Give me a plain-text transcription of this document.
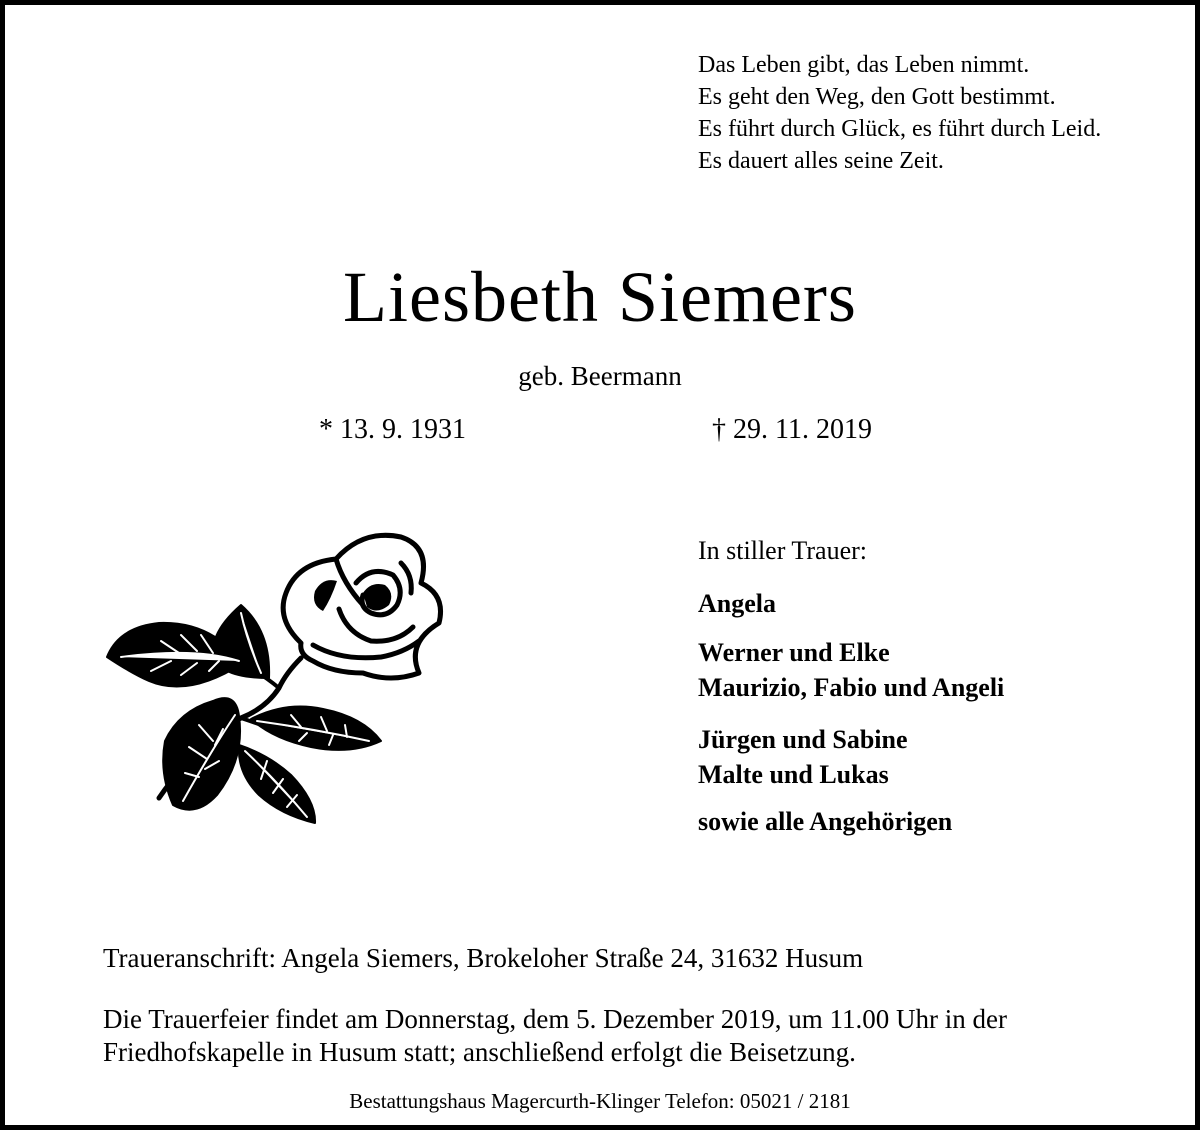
Das Leben gibt, das Leben nimmt.
Es geht den Weg, den Gott bestimmt.
Es führt durch Glück, es führt durch Leid.
Es dauert alles seine Zeit.
Liesbeth Siemers
geb. Beermann
* 13. 9. 1931	† 29. 11. 2019
In stiller Trauer:
Angela
Werner und Elke
Maurizio, Fabio und Angeli
Jürgen und Sabine
Malte und Lukas
sowie alle Angehörigen
Traueranschrift: Angela Siemers, Brokeloher Straße 24, 31632 Husum
Die Trauerfeier findet am Donnerstag, dem 5. Dezember 2019, um 11.00 Uhr in der
Friedhofskapelle in Husum statt; anschließend erfolgt die Beisetzung.
Bestattungshaus Magercurth-Klinger Telefon: 05021 / 2181
